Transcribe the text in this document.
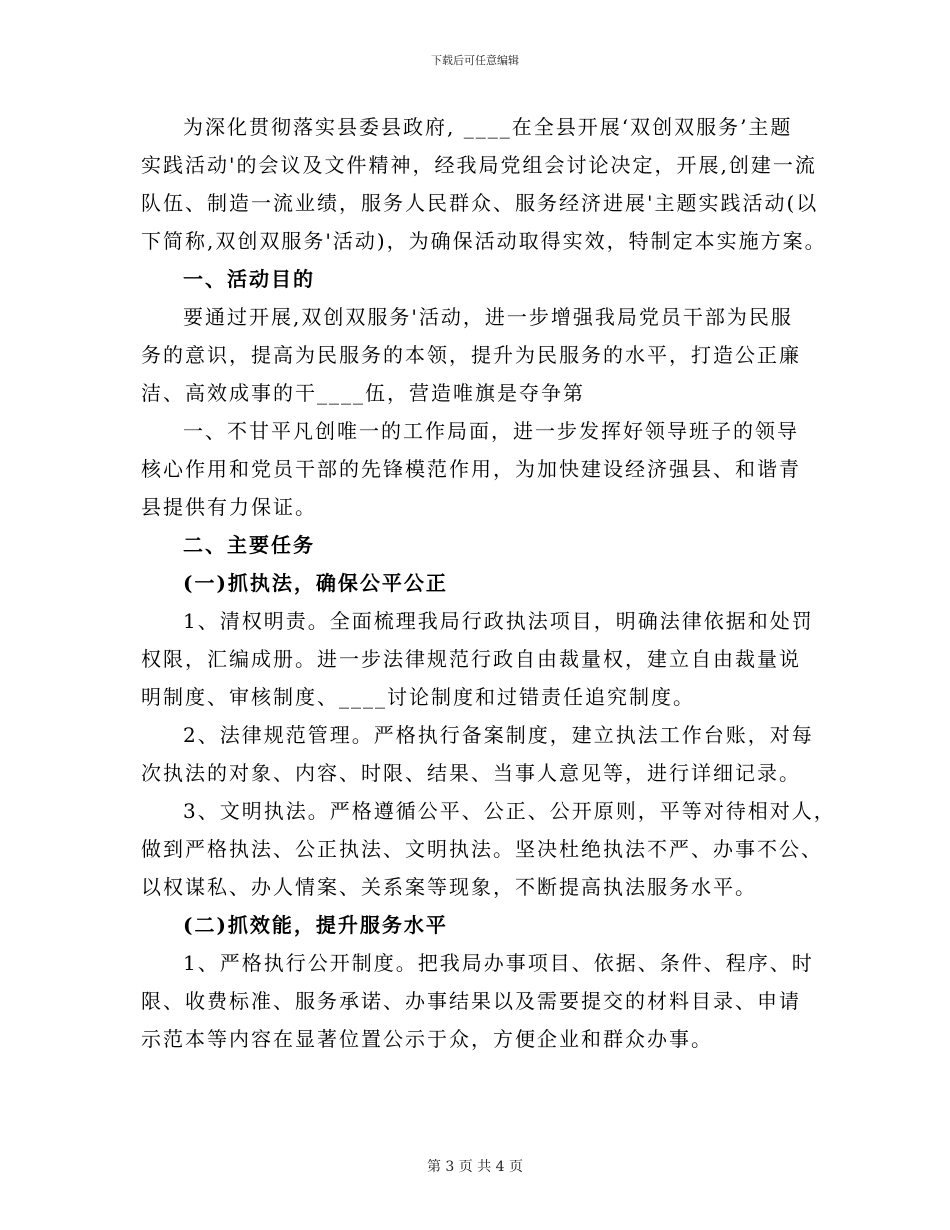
下载后可任意编辑

为深化贯彻落实县委县政府, ____在全县开展‘双创双服务’主题
实践活动'的会议及文件精神，经我局党组会讨论决定，开展,创建一流
队伍、制造一流业绩，服务人民群众、服务经济进展'主题实践活动(以
下简称,双创双服务'活动)，为确保活动取得实效，特制定本实施方案。

一、活动目的

要通过开展,双创双服务'活动，进一步增强我局党员干部为民服
务的意识，提高为民服务的本领，提升为民服务的水平，打造公正廉
洁、高效成事的干____伍，营造唯旗是夺争第

一、不甘平凡创唯一的工作局面，进一步发挥好领导班子的领导
核心作用和党员干部的先锋模范作用，为加快建设经济强县、和谐青
县提供有力保证。

二、主要任务

(一)抓执法，确保公平公正

1、清权明责。全面梳理我局行政执法项目，明确法律依据和处罚
权限，汇编成册。进一步法律规范行政自由裁量权，建立自由裁量说
明制度、审核制度、____讨论制度和过错责任追究制度。

2、法律规范管理。严格执行备案制度，建立执法工作台账，对每
次执法的对象、内容、时限、结果、当事人意见等，进行详细记录。

3、文明执法。严格遵循公平、公正、公开原则，平等对待相对人，
做到严格执法、公正执法、文明执法。坚决杜绝执法不严、办事不公、
以权谋私、办人情案、关系案等现象，不断提高执法服务水平。

(二)抓效能，提升服务水平

1、严格执行公开制度。把我局办事项目、依据、条件、程序、时
限、收费标准、服务承诺、办事结果以及需要提交的材料目录、申请
示范本等内容在显著位置公示于众，方便企业和群众办事。

第 3 页 共 4 页
